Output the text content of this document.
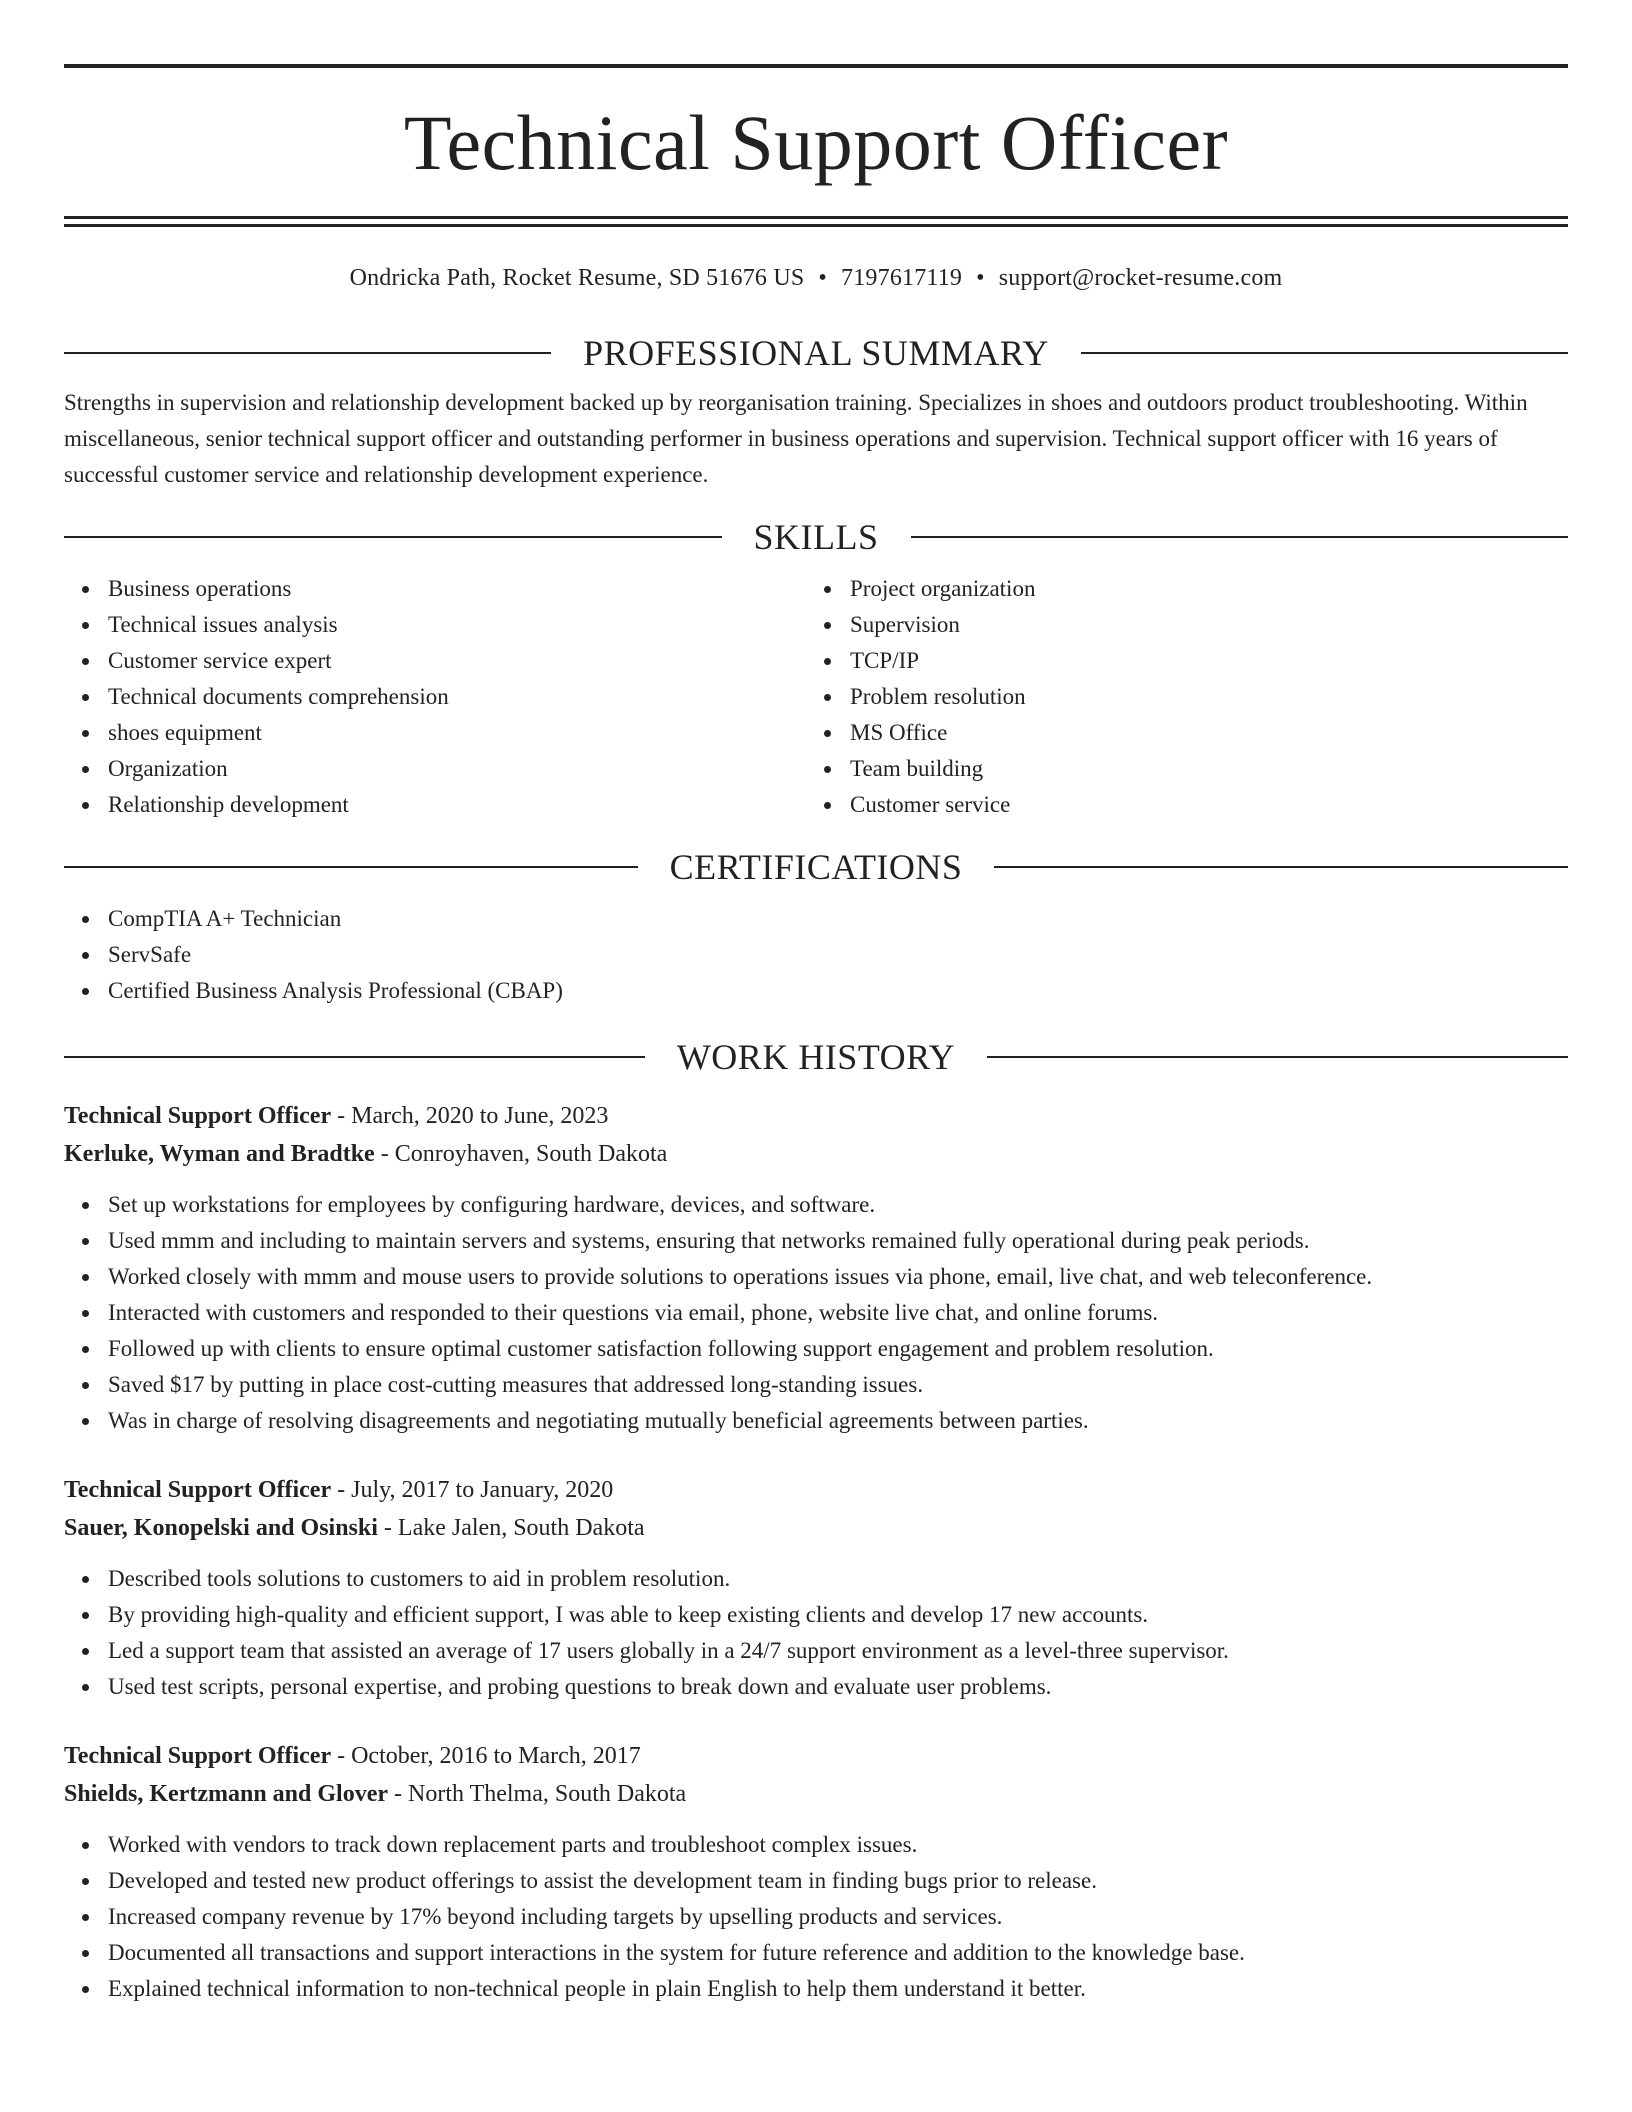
Technical Support Officer
Ondricka Path, Rocket Resume, SD 51676 US • 7197617119 • support@rocket-resume.com
PROFESSIONAL SUMMARY
Strengths in supervision and relationship development backed up by reorganisation training. Specializes in shoes and outdoors product troubleshooting. Within miscellaneous, senior technical support officer and outstanding performer in business operations and supervision. Technical support officer with 16 years of successful customer service and relationship development experience.
SKILLS
Business operations
Technical issues analysis
Customer service expert
Technical documents comprehension
shoes equipment
Organization
Relationship development
Project organization
Supervision
TCP/IP
Problem resolution
MS Office
Team building
Customer service
CERTIFICATIONS
CompTIA A+ Technician
ServSafe
Certified Business Analysis Professional (CBAP)
WORK HISTORY
Technical Support Officer - March, 2020 to June, 2023
Kerluke, Wyman and Bradtke - Conroyhaven, South Dakota
Set up workstations for employees by configuring hardware, devices, and software.
Used mmm and including to maintain servers and systems, ensuring that networks remained fully operational during peak periods.
Worked closely with mmm and mouse users to provide solutions to operations issues via phone, email, live chat, and web teleconference.
Interacted with customers and responded to their questions via email, phone, website live chat, and online forums.
Followed up with clients to ensure optimal customer satisfaction following support engagement and problem resolution.
Saved $17 by putting in place cost-cutting measures that addressed long-standing issues.
Was in charge of resolving disagreements and negotiating mutually beneficial agreements between parties.
Technical Support Officer - July, 2017 to January, 2020
Sauer, Konopelski and Osinski - Lake Jalen, South Dakota
Described tools solutions to customers to aid in problem resolution.
By providing high-quality and efficient support, I was able to keep existing clients and develop 17 new accounts.
Led a support team that assisted an average of 17 users globally in a 24/7 support environment as a level-three supervisor.
Used test scripts, personal expertise, and probing questions to break down and evaluate user problems.
Technical Support Officer - October, 2016 to March, 2017
Shields, Kertzmann and Glover - North Thelma, South Dakota
Worked with vendors to track down replacement parts and troubleshoot complex issues.
Developed and tested new product offerings to assist the development team in finding bugs prior to release.
Increased company revenue by 17% beyond including targets by upselling products and services.
Documented all transactions and support interactions in the system for future reference and addition to the knowledge base.
Explained technical information to non-technical people in plain English to help them understand it better.
